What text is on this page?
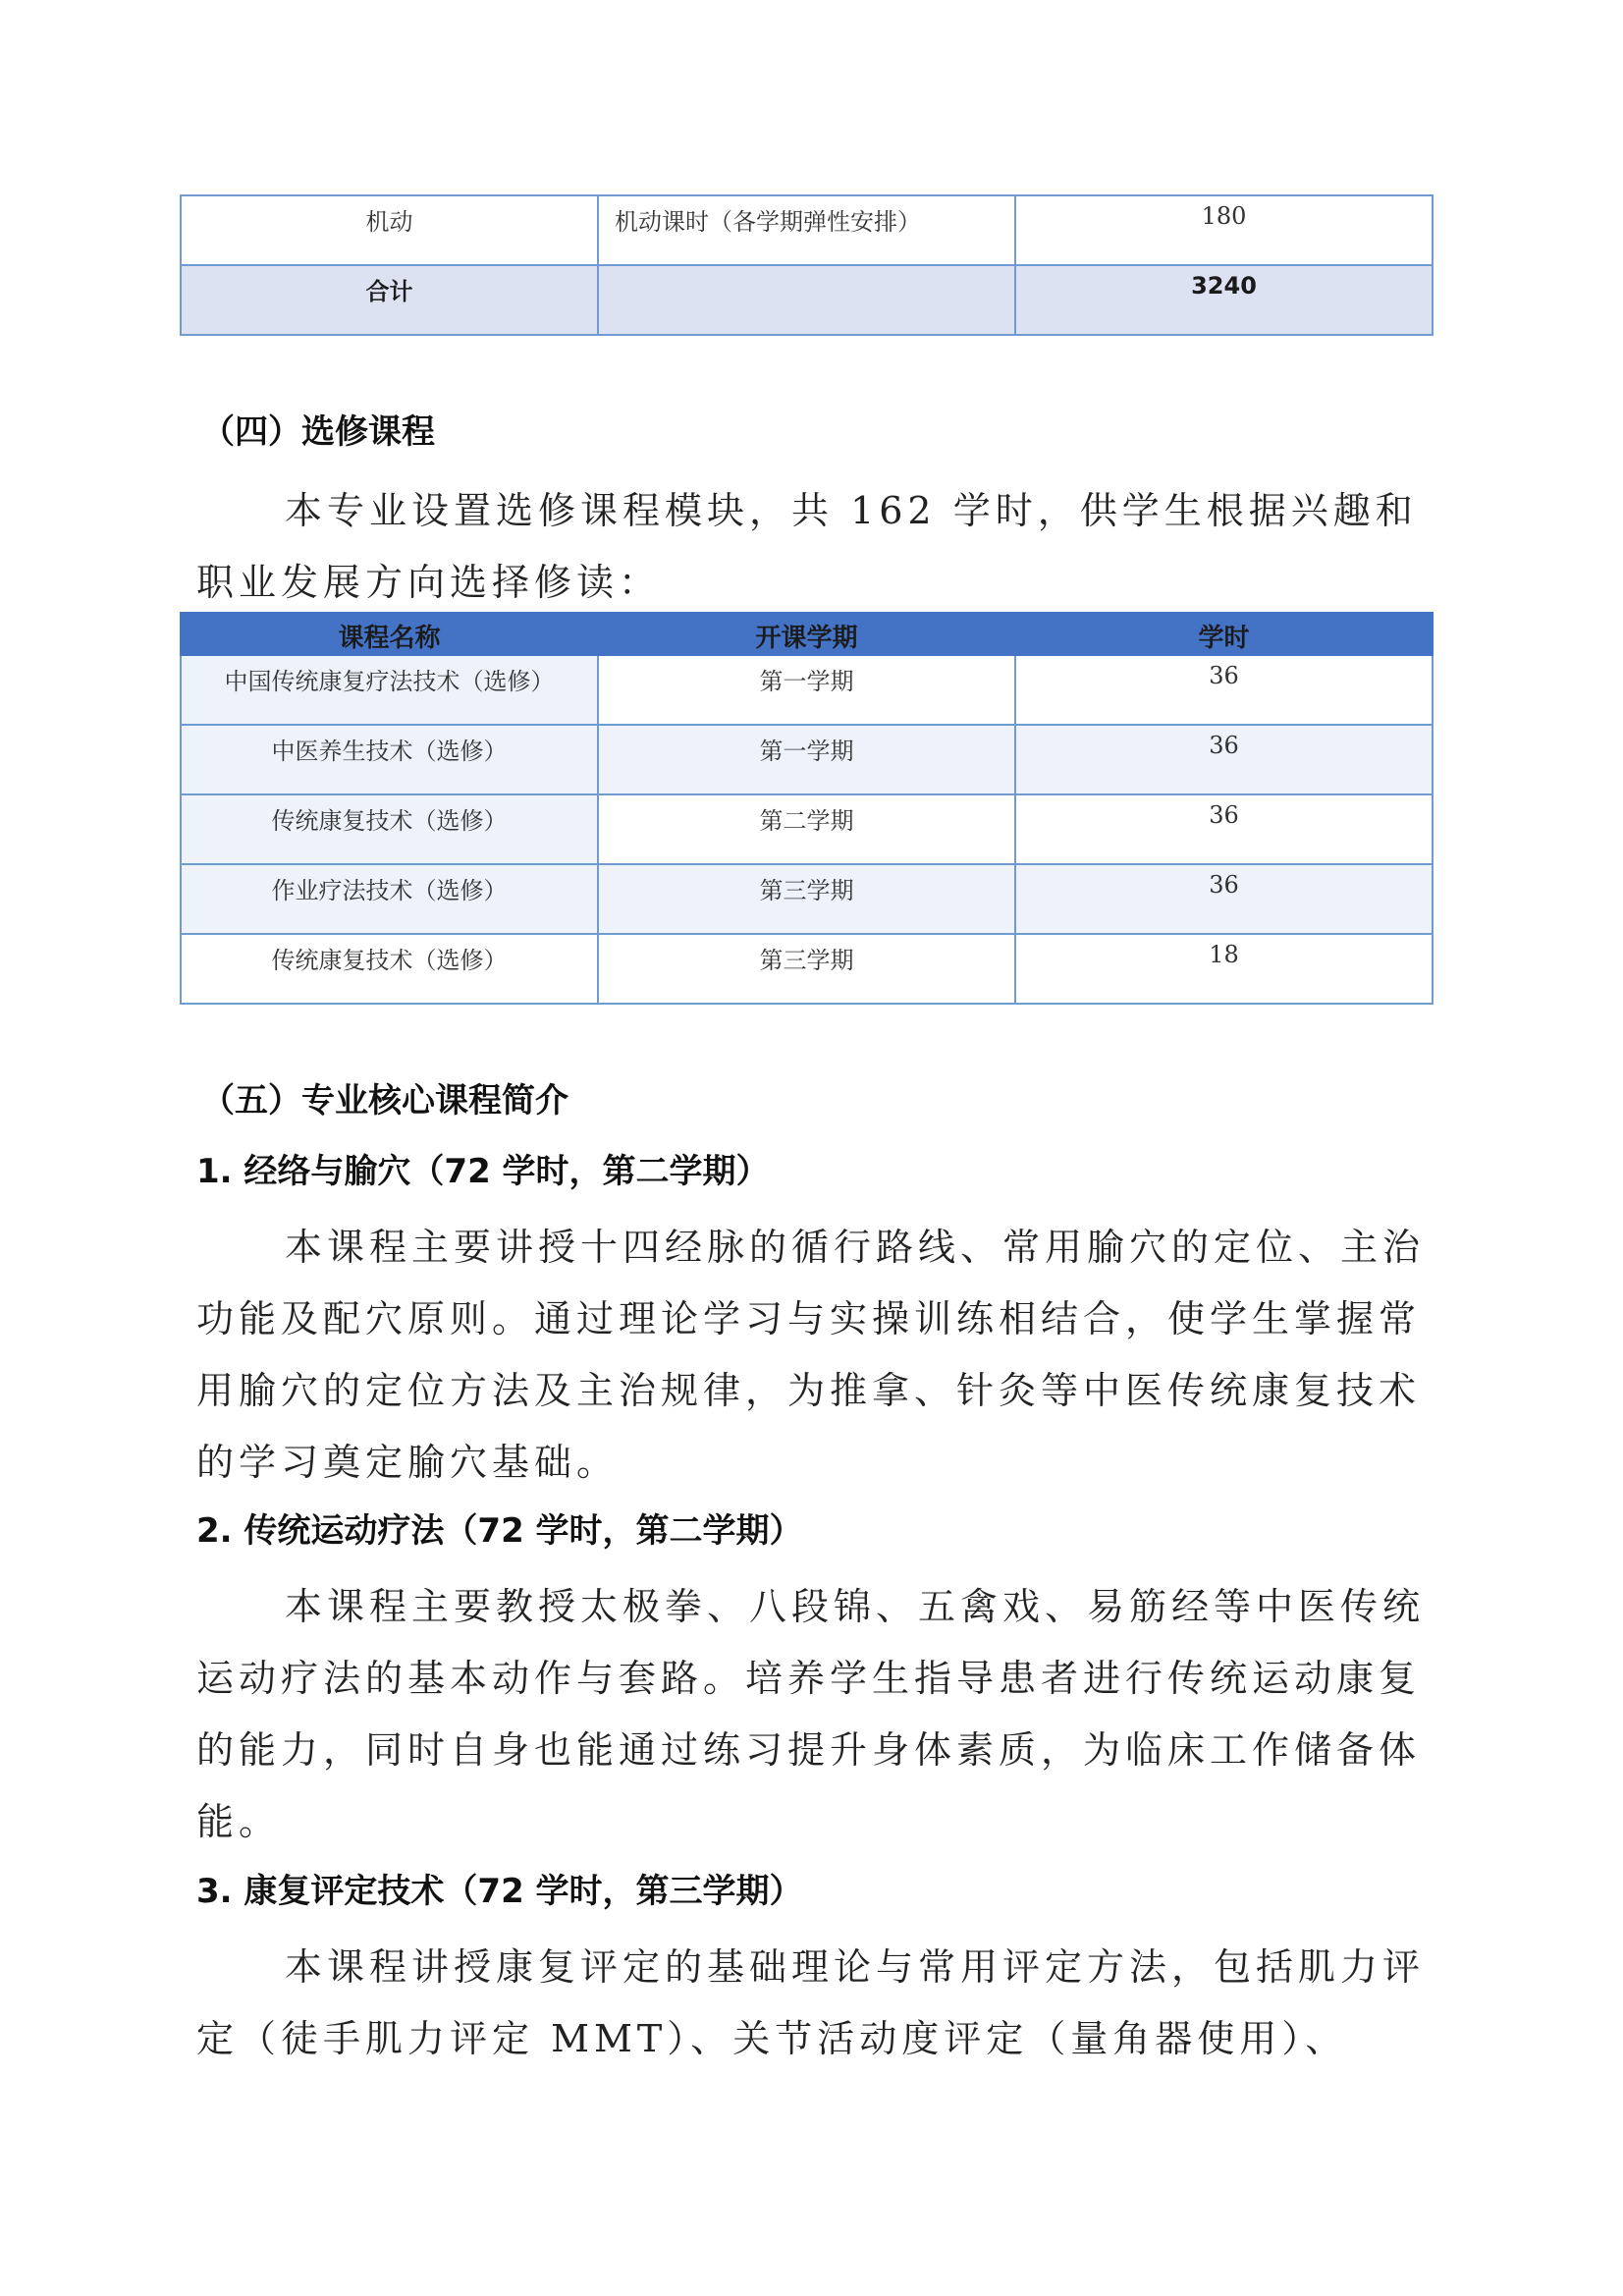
机动	机动课时（各学期弹性安排）	180
合计		3240
（四）选修课程

本专业设置选修课程模块，共 162 学时，供学生根据兴趣和职业发展方向选择修读：

课程名称	开课学期	学时
中国传统康复疗法技术（选修）	第一学期	36
中医养生技术（选修）	第一学期	36
传统康复技术（选修）	第二学期	36
作业疗法技术（选修）	第三学期	36
传统康复技术（选修）	第三学期	18
（五）专业核心课程简介
1. 经络与腧穴（72 学时，第二学期）

本课程主要讲授十四经脉的循行路线、常用腧穴的定位、主治功能及配穴原则。通过理论学习与实操训练相结合，使学生掌握常用腧穴的定位方法及主治规律，为推拿、针灸等中医传统康复技术的学习奠定腧穴基础。

2. 传统运动疗法（72 学时，第二学期）

本课程主要教授太极拳、八段锦、五禽戏、易筋经等中医传统运动疗法的基本动作与套路。培养学生指导患者进行传统运动康复的能力，同时自身也能通过练习提升身体素质，为临床工作储备体能。

3. 康复评定技术（72 学时，第三学期）

本课程讲授康复评定的基础理论与常用评定方法，包括肌力评定（徒手肌力评定 MMT）、关节活动度评定（量角器使用）、
